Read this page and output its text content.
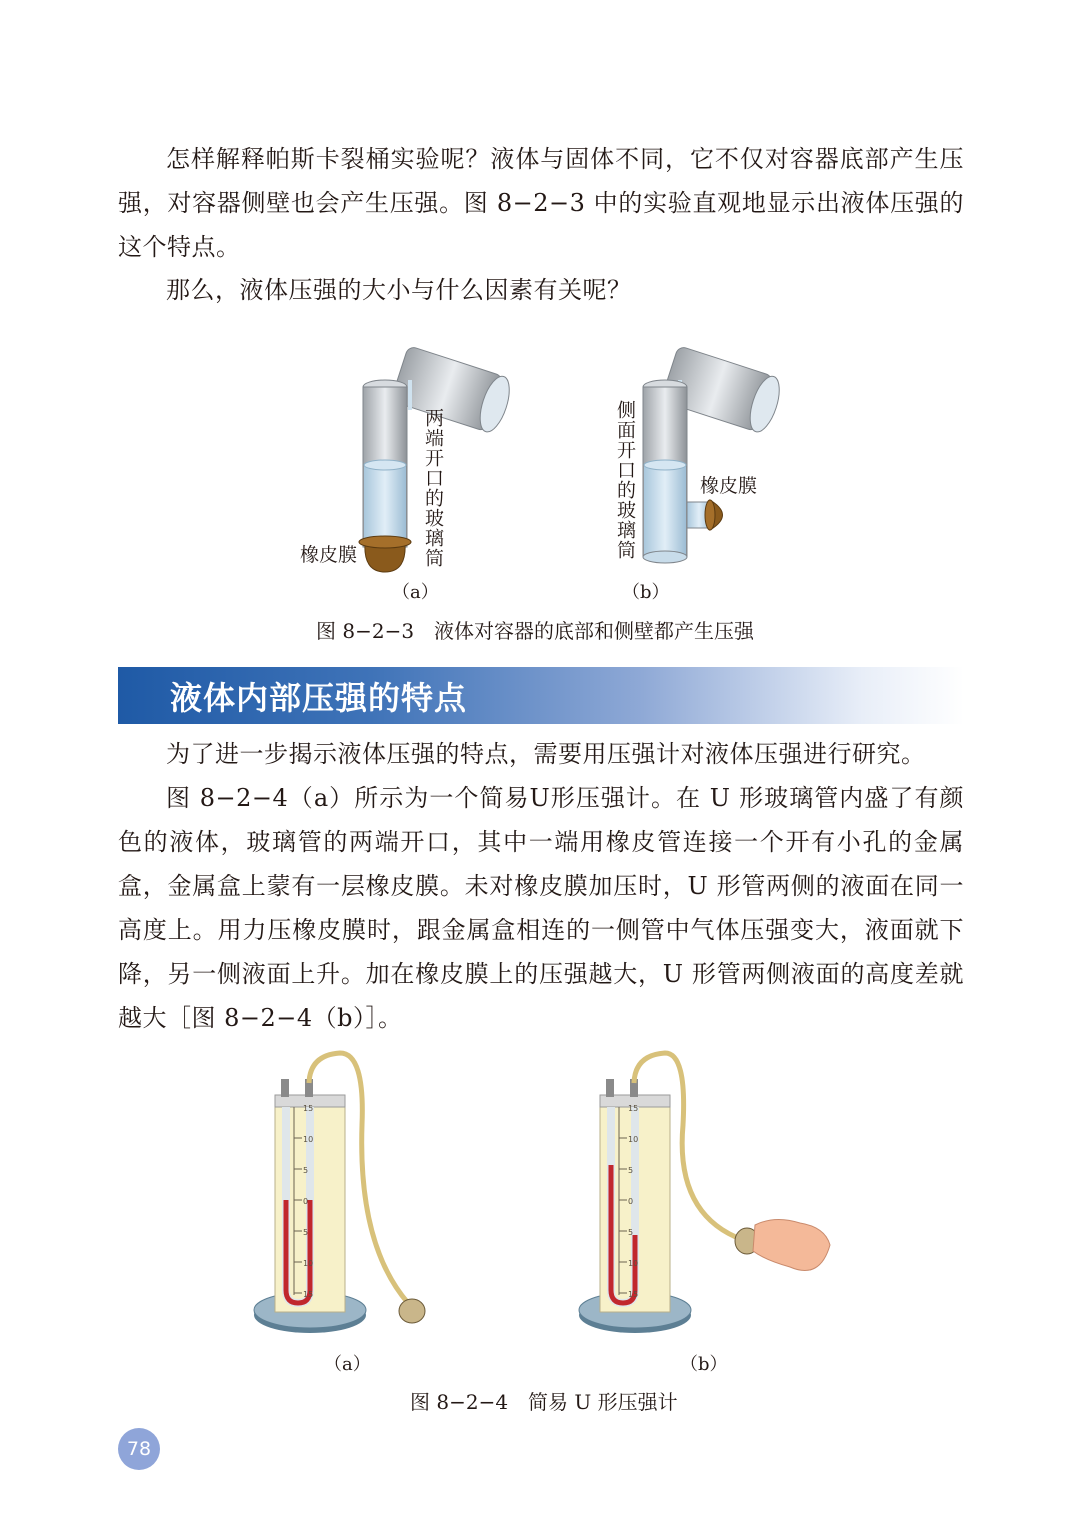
怎样解释帕斯卡裂桶实验呢？液体与固体不同，它不仅对容器底部产生压强，对容器侧壁也会产生压强。图 8−2−3 中的实验直观地显示出液体压强的这个特点。

那么，液体压强的大小与什么因素有关呢？

两端开口的玻璃筒
橡皮膜
（a）
侧面开口的玻璃筒	橡皮膜
（b）
图 8−2−3　液体对容器的底部和侧壁都产生压强
液体内部压强的特点

为了进一步揭示液体压强的特点，需要用压强计对液体压强进行研究。

图 8−2−4（a）所示为一个简易U形压强计。在 U 形玻璃管内盛了有颜色的液体，玻璃管的两端开口，其中一端用橡皮管连接一个开有小孔的金属盒，金属盒上蒙有一层橡皮膜。未对橡皮膜加压时，U 形管两侧的液面在同一高度上。用力压橡皮膜时，跟金属盒相连的一侧管中气体压强变大，液面就下降，另一侧液面上升。加在橡皮膜上的压强越大，U 形管两侧液面的高度差就越大［图 8−2−4（b）］。

15
10
5
0
5
10
15
（a）
15
10
5
0
5
10
15
（b）
图 8−2−4　简易 U 形压强计
78
